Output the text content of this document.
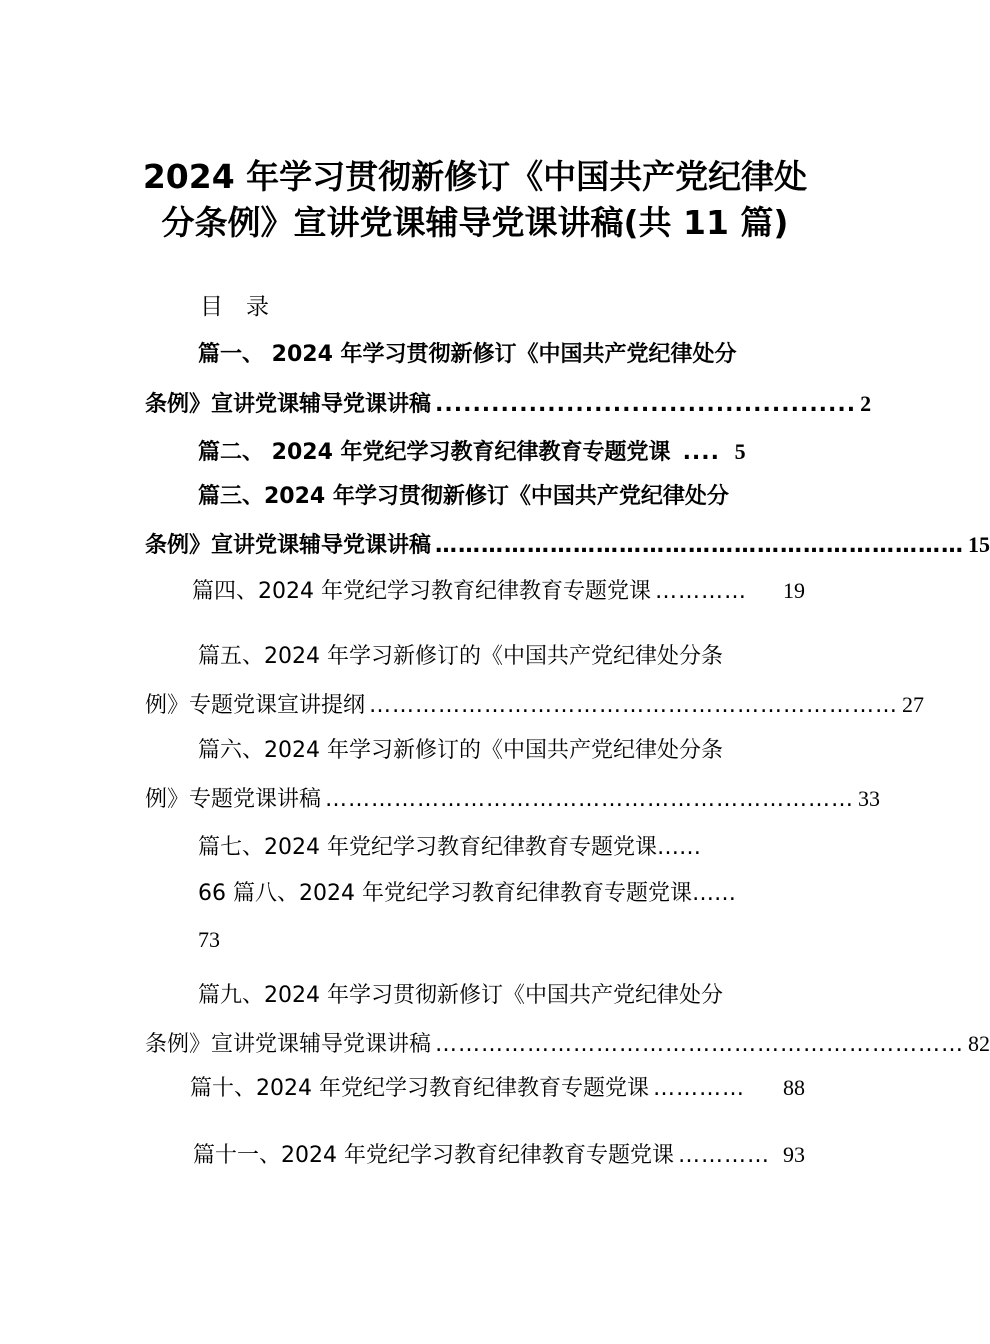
2024 年学习贯彻新修订《中国共产党纪律处
分条例》宣讲党课辅导党课讲稿(共 11 篇)
目　录
篇一、 2024 年学习贯彻新修订《中国共产党纪律处分
条例》宣讲党课辅导党课讲稿 ............................................. 2
篇二、 2024 年党纪学习教育纪律教育专题党课 .... 5
篇三、2024 年学习贯彻新修订《中国共产党纪律处分
条例》宣讲党课辅导党课讲稿 …………………………………………………………… 15
篇四、2024 年党纪学习教育纪律教育专题党课 …………	19
篇五、2024 年学习新修订的《中国共产党纪律处分条
例》专题党课宣讲提纲 …………………………………………………………… 27
篇六、2024 年学习新修订的《中国共产党纪律处分条
例》专题党课讲稿 …………………………………………………………… 33
篇七、2024 年党纪学习教育纪律教育专题党课……
66 篇八、2024 年党纪学习教育纪律教育专题党课……
73
篇九、2024 年学习贯彻新修订《中国共产党纪律处分
条例》宣讲党课辅导党课讲稿 …………………………………………………………… 82
篇十、2024 年党纪学习教育纪律教育专题党课 …………	88
篇十一、2024 年党纪学习教育纪律教育专题党课 ………… 93
